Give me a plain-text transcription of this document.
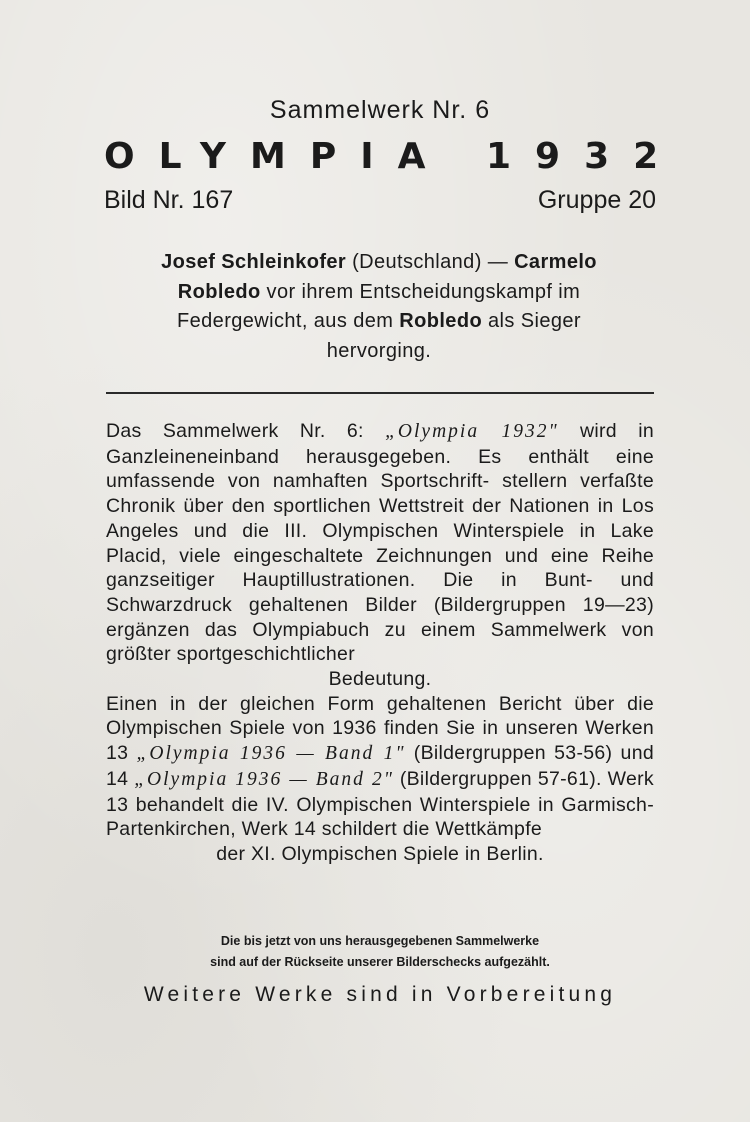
Sammelwerk Nr. 6
OLYMPIA 1932
Bild Nr. 167	Gruppe 20
Josef Schleinkofer (Deutschland) — Carmelo Robledo vor ihrem Entscheidungskampf im Federgewicht, aus dem Robledo als Sieger hervorging.
Das Sammelwerk Nr. 6: „Olympia 1932" wird in Ganzleineneinband herausgegeben. Es enthält eine umfassende von namhaften Sportschrift- stellern verfaßte Chronik über den sportlichen Wettstreit der Nationen in Los Angeles und die III. Olympischen Winterspiele in Lake Placid, viele eingeschaltete Zeichnungen und eine Reihe ganzseitiger Hauptillustrationen. Die in Bunt- und Schwarzdruck gehaltenen Bilder (Bildergruppen 19—23) ergänzen das Olympiabuch zu einem Sammelwerk von größter sportgeschichtlicher
Bedeutung.
Einen in der gleichen Form gehaltenen Bericht über die Olympischen Spiele von 1936 finden Sie in unseren Werken 13 „Olympia 1936 — Band 1" (Bildergruppen 53-56) und 14 „Olympia 1936 — Band 2" (Bildergruppen 57-61). Werk 13 behandelt die IV. Olympischen Winterspiele in Garmisch- Partenkirchen, Werk 14 schildert die Wettkämpfe
der XI. Olympischen Spiele in Berlin.
Die bis jetzt von uns herausgegebenen Sammelwerke
sind auf der Rückseite unserer Bilderschecks aufgezählt.
Weitere Werke sind in Vorbereitung
